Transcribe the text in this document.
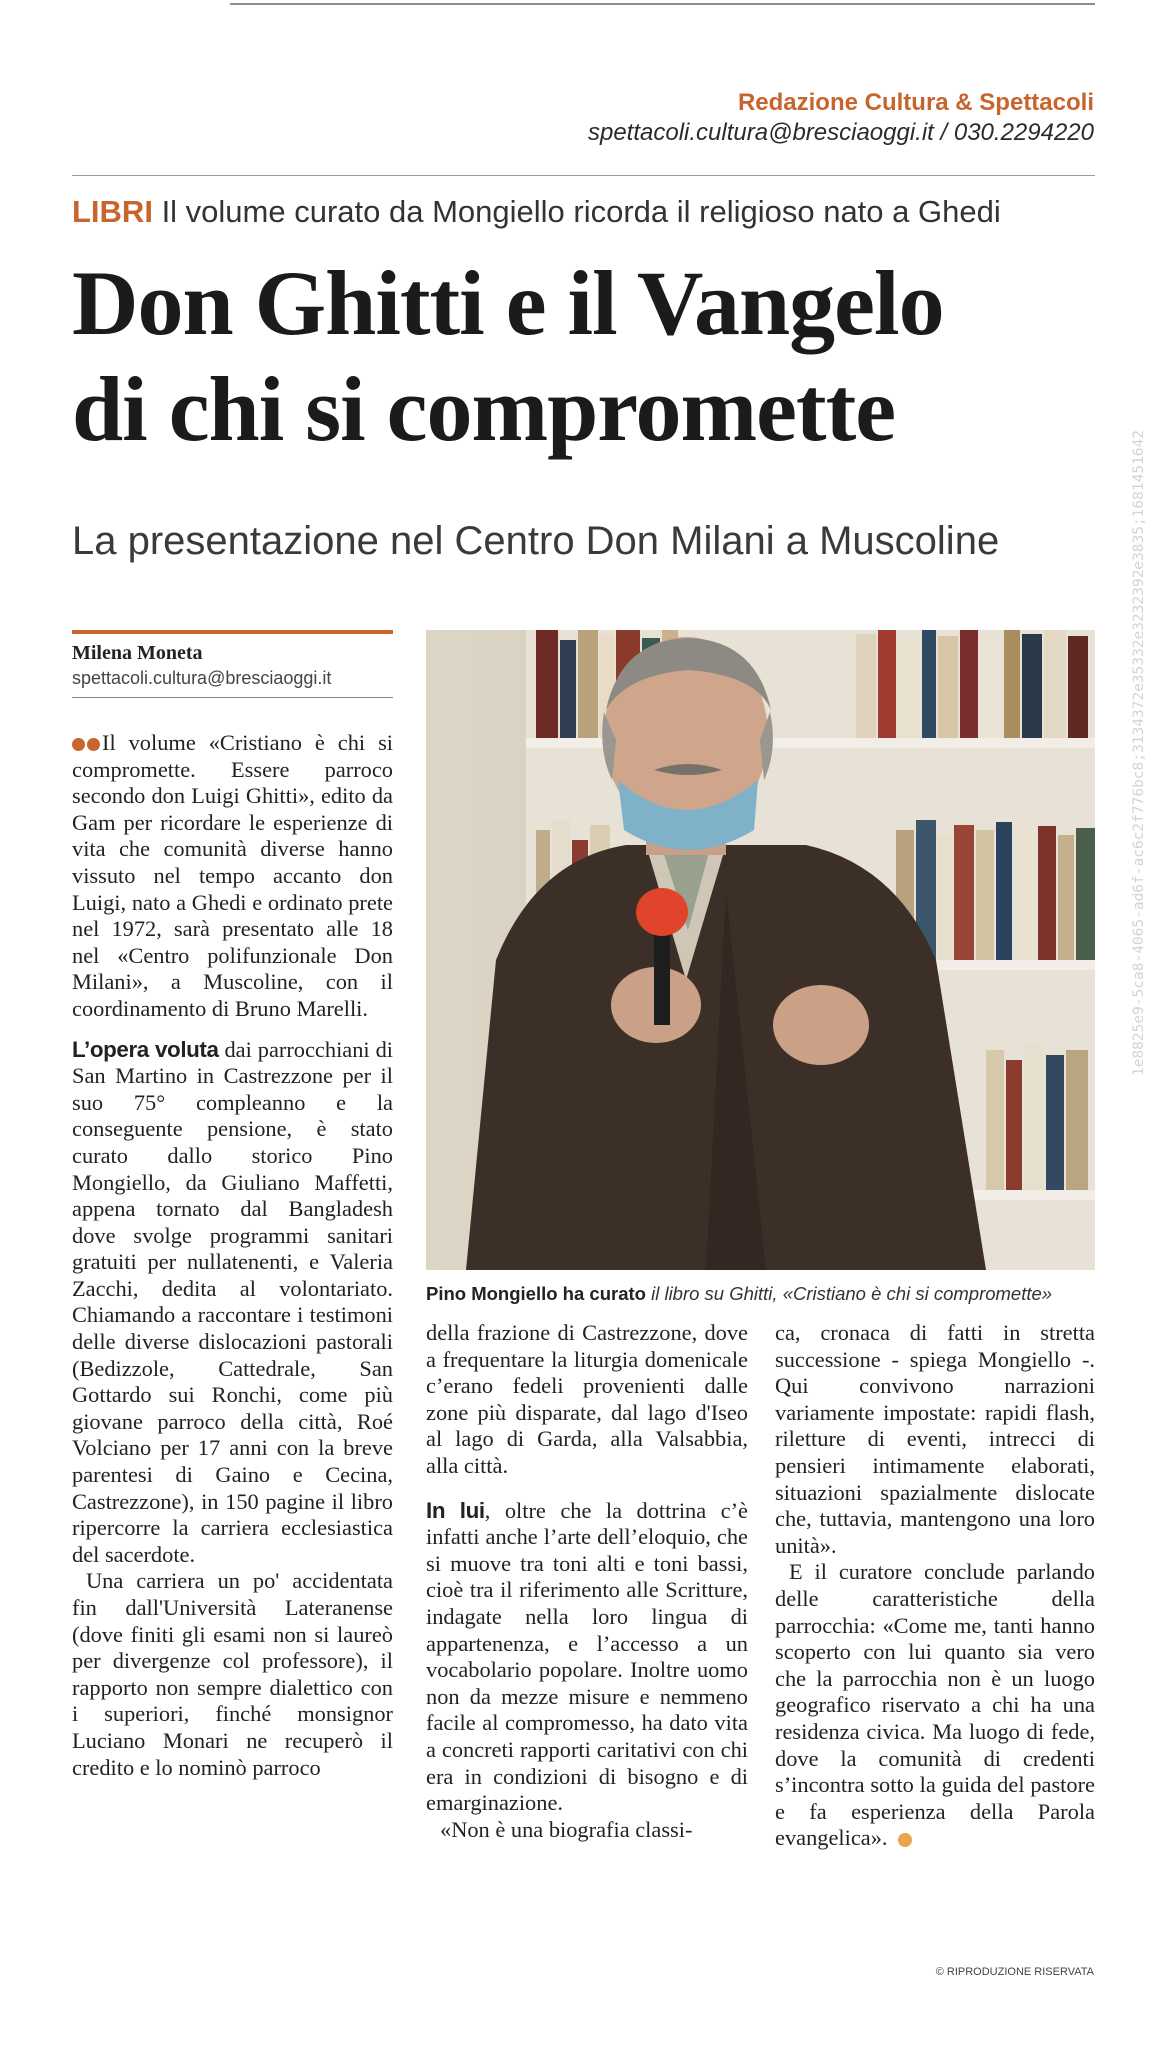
Redazione Cultura & Spettacoli
spettacoli.cultura@bresciaoggi.it / 030.2294220
LIBRI Il volume curato da Mongiello ricorda il religioso nato a Ghedi
Don Ghitti e il Vangelo
di chi si compromette
La presentazione nel Centro Don Milani a Muscoline
Milena Moneta
spettacoli.cultura@bresciaoggi.it

Il volume «Cristiano è chi si compromette. Essere parroco secondo don Luigi Ghitti», edito da Gam per ricordare le esperienze di vita che comunità diverse hanno vissuto nel tempo accanto don Luigi, nato a Ghedi e ordinato prete nel 1972, sarà presentato alle 18 nel «Centro polifunzionale Don Milani», a Muscoline, con il coordinamento di Bruno Marelli.

L’opera voluta dai parrocchiani di San Martino in Castrezzone per il suo 75° compleanno e la conseguente pensione, è stato curato dallo storico Pino Mongiello, da Giuliano Maffetti, appena tornato dal Bangladesh dove svolge programmi sanitari gratuiti per nullatenenti, e Valeria Zacchi, dedita al volontariato. Chiamando a raccontare i testimoni delle diverse dislocazioni pastorali (Bedizzole, Cattedrale, San Gottardo sui Ronchi, come più giovane parroco della città, Roé Volciano per 17 anni con la breve parentesi di Gaino e Cecina, Castrezzone), in 150 pagine il libro ripercorre la carriera ecclesiastica del sacerdote.

Una carriera un po' accidentata fin dall'Università Lateranense (dove finiti gli esami non si laureò per divergenze col professore), il rapporto non sempre dialettico con i superiori, finché monsignor Luciano Monari ne recuperò il credito e lo nominò parroco

Pino Mongiello ha curato il libro su Ghitti, «Cristiano è chi si compromette»

della frazione di Castrezzone, dove a frequentare la liturgia domenicale c’erano fedeli provenienti dalle zone più disparate, dal lago d'Iseo al lago di Garda, alla Valsabbia, alla città.

In lui, oltre che la dottrina c’è infatti anche l’arte dell’eloquio, che si muove tra toni alti e toni bassi, cioè tra il riferimento alle Scritture, indagate nella loro lingua di appartenenza, e l’accesso a un vocabolario popolare. Inoltre uomo non da mezze misure e nemmeno facile al compromesso, ha dato vita a concreti rapporti caritativi con chi era in condizioni di bisogno e di emarginazione.

«Non è una biografia classi-

ca, cronaca di fatti in stretta successione - spiega Mongiello -. Qui convivono narrazioni variamente impostate: rapidi flash, riletture di eventi, intrecci di pensieri intimamente elaborati, situazioni spazialmente dislocate che, tuttavia, mantengono una loro unità».

E il curatore conclude parlando delle caratteristiche della parrocchia: «Come me, tanti hanno scoperto con lui quanto sia vero che la parrocchia non è un luogo geografico riservato a chi ha una residenza civica. Ma luogo di fede, dove la comunità di credenti s’incontra sotto la guida del pastore e fa esperienza della Parola evangelica».

© RIPRODUZIONE RISERVATA
1e8825e9-5ca8-4065-ad6f-ac6c2f776bc8;3134372e35332e3232392e3835;1681451642
